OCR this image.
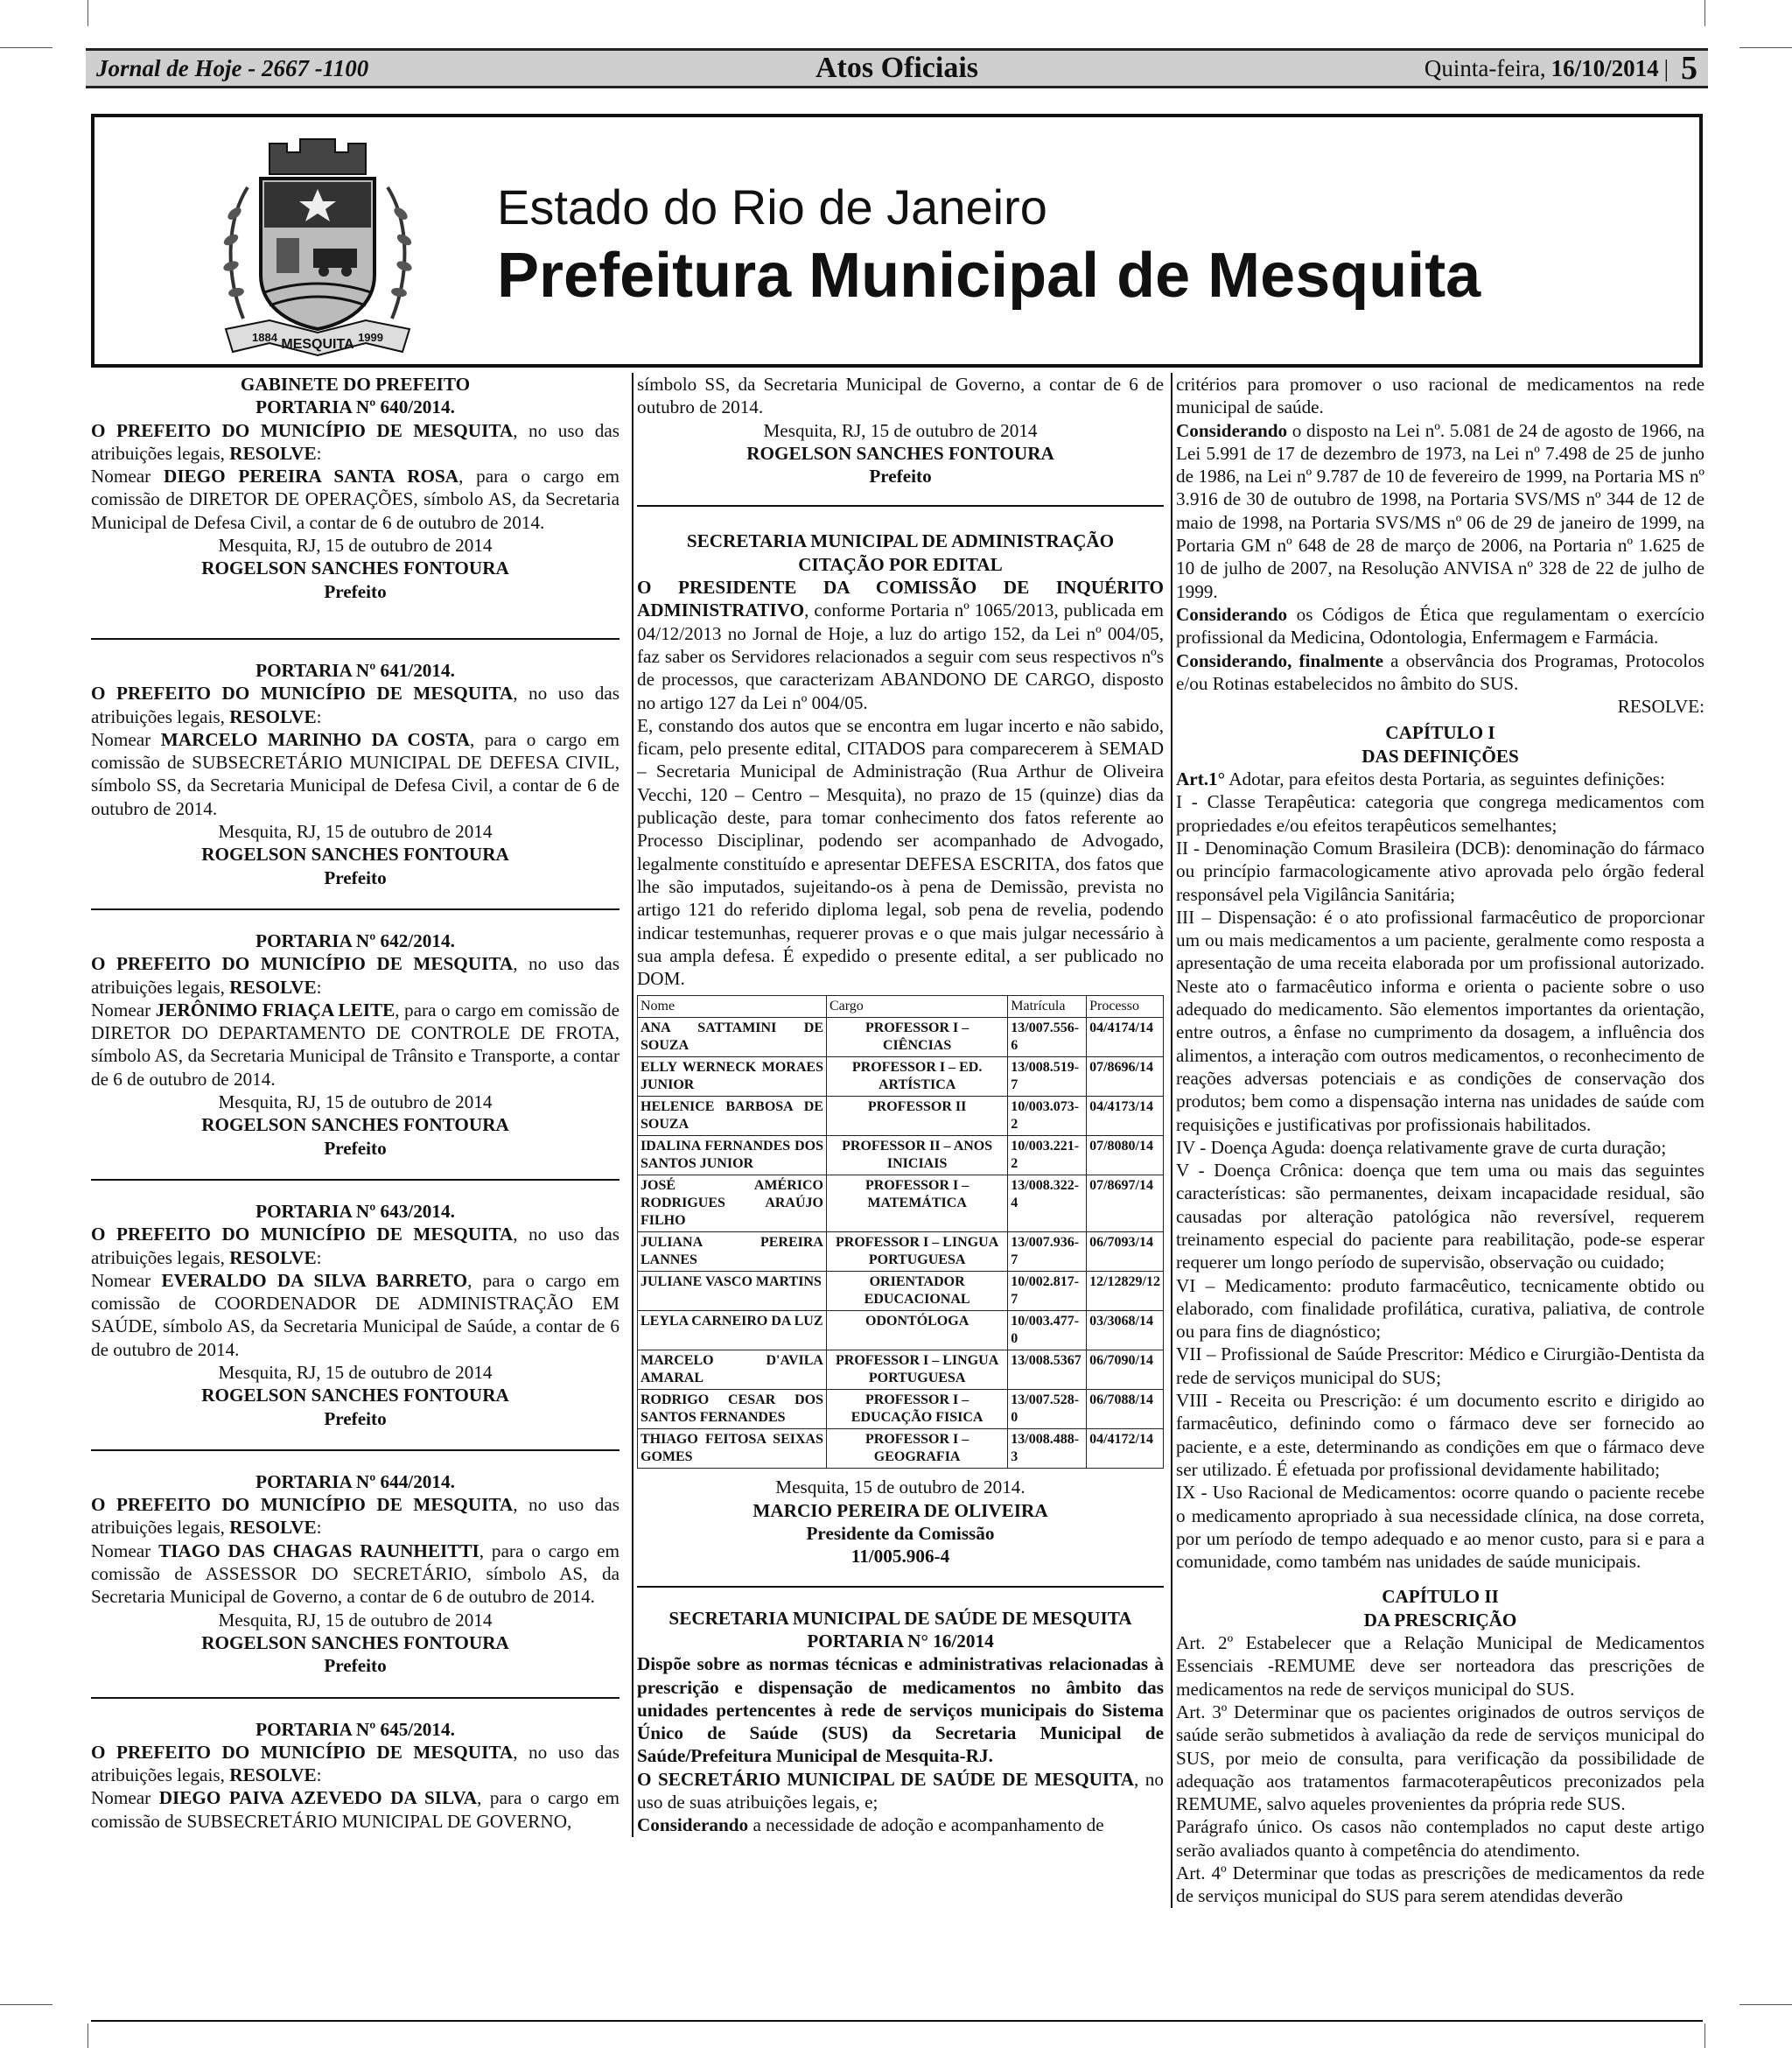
Jornal de Hoje - 2667 -1100	Atos Oficiais	Quinta-feira, 16/10/2014 | 5
1884 MESQUITA 1999
Estado do Rio de Janeiro
Prefeitura Municipal de Mesquita

GABINETE DO PREFEITO

PORTARIA Nº 640/2014.

O PREFEITO DO MUNICÍPIO DE MESQUITA, no uso das atribuições legais, RESOLVE:

Nomear DIEGO PEREIRA SANTA ROSA, para o cargo em comissão de DIRETOR DE OPERAÇÕES, símbolo AS, da Secretaria Municipal de Defesa Civil, a contar de 6 de outubro de 2014.

Mesquita, RJ, 15 de outubro de 2014

ROGELSON SANCHES FONTOURA

Prefeito

PORTARIA Nº 641/2014.

O PREFEITO DO MUNICÍPIO DE MESQUITA, no uso das atribuições legais, RESOLVE:

Nomear MARCELO MARINHO DA COSTA, para o cargo em comissão de SUBSECRETÁRIO MUNICIPAL DE DEFESA CIVIL, símbolo SS, da Secretaria Municipal de Defesa Civil, a contar de 6 de outubro de 2014.

Mesquita, RJ, 15 de outubro de 2014

ROGELSON SANCHES FONTOURA

Prefeito

PORTARIA Nº 642/2014.

O PREFEITO DO MUNICÍPIO DE MESQUITA, no uso das atribuições legais, RESOLVE:

Nomear JERÔNIMO FRIAÇA LEITE, para o cargo em comissão de DIRETOR DO DEPARTAMENTO DE CONTROLE DE FROTA, símbolo AS, da Secretaria Municipal de Trânsito e Transporte, a contar de 6 de outubro de 2014.

Mesquita, RJ, 15 de outubro de 2014

ROGELSON SANCHES FONTOURA

Prefeito

PORTARIA Nº 643/2014.

O PREFEITO DO MUNICÍPIO DE MESQUITA, no uso das atribuições legais, RESOLVE:

Nomear EVERALDO DA SILVA BARRETO, para o cargo em comissão de COORDENADOR DE ADMINISTRAÇÃO EM SAÚDE, símbolo AS, da Secretaria Municipal de Saúde, a contar de 6 de outubro de 2014.

Mesquita, RJ, 15 de outubro de 2014

ROGELSON SANCHES FONTOURA

Prefeito

PORTARIA Nº 644/2014.

O PREFEITO DO MUNICÍPIO DE MESQUITA, no uso das atribuições legais, RESOLVE:

Nomear TIAGO DAS CHAGAS RAUNHEITTI, para o cargo em comissão de ASSESSOR DO SECRETÁRIO, símbolo AS, da Secretaria Municipal de Governo, a contar de 6 de outubro de 2014.

Mesquita, RJ, 15 de outubro de 2014

ROGELSON SANCHES FONTOURA

Prefeito

PORTARIA Nº 645/2014.

O PREFEITO DO MUNICÍPIO DE MESQUITA, no uso das atribuições legais, RESOLVE:

Nomear DIEGO PAIVA AZEVEDO DA SILVA, para o cargo em comissão de SUBSECRETÁRIO MUNICIPAL DE GOVERNO,

símbolo SS, da Secretaria Municipal de Governo, a contar de 6 de outubro de 2014.

Mesquita, RJ, 15 de outubro de 2014

ROGELSON SANCHES FONTOURA

Prefeito

SECRETARIA MUNICIPAL DE ADMINISTRAÇÃO

CITAÇÃO POR EDITAL

O PRESIDENTE DA COMISSÃO DE INQUÉRITO ADMINISTRATIVO, conforme Portaria nº 1065/2013, publicada em 04/12/2013 no Jornal de Hoje, a luz do artigo 152, da Lei nº 004/05, faz saber os Servidores relacionados a seguir com seus respectivos nºs de processos, que caracterizam ABANDONO DE CARGO, disposto no artigo 127 da Lei nº 004/05.

E, constando dos autos que se encontra em lugar incerto e não sabido, ficam, pelo presente edital, CITADOS para comparecerem à SEMAD – Secretaria Municipal de Administração (Rua Arthur de Oliveira Vecchi, 120 – Centro – Mesquita), no prazo de 15 (quinze) dias da publicação deste, para tomar conhecimento dos fatos referente ao Processo Disciplinar, podendo ser acompanhado de Advogado, legalmente constituído e apresentar DEFESA ESCRITA, dos fatos que lhe são imputados, sujeitando-os à pena de Demissão, prevista no artigo 121 do referido diploma legal, sob pena de revelia, podendo indicar testemunhas, requerer provas e o que mais julgar necessário à sua ampla defesa. É expedido o presente edital, a ser publicado no DOM.

Nome	Cargo	Matrícula	Processo
ANA SATTAMINI DE SOUZA	PROFESSOR I – CIÊNCIAS	13/007.556-6	04/4174/14
ELLY WERNECK MORAES JUNIOR	PROFESSOR I – ED. ARTÍSTICA	13/008.519-7	07/8696/14
HELENICE BARBOSA DE SOUZA	PROFESSOR II	10/003.073-2	04/4173/14
IDALINA FERNANDES DOS SANTOS JUNIOR	PROFESSOR II – ANOS INICIAIS	10/003.221-2	07/8080/14
JOSÉ AMÉRICO RODRIGUES ARAÚJO FILHO	PROFESSOR I – MATEMÁTICA	13/008.322-4	07/8697/14
JULIANA PEREIRA LANNES	PROFESSOR I – LINGUA PORTUGUESA	13/007.936-7	06/7093/14
JULIANE VASCO MARTINS	ORIENTADOR EDUCACIONAL	10/002.817-7	12/12829/12
LEYLA CARNEIRO DA LUZ	ODONTÓLOGA	10/003.477-0	03/3068/14
MARCELO D'AVILA AMARAL	PROFESSOR I – LINGUA PORTUGUESA	13/008.5367	06/7090/14
RODRIGO CESAR DOS SANTOS FERNANDES	PROFESSOR I – EDUCAÇÃO FISICA	13/007.528-0	06/7088/14
THIAGO FEITOSA SEIXAS GOMES	PROFESSOR I – GEOGRAFIA	13/008.488-3	04/4172/14

Mesquita, 15 de outubro de 2014.

MARCIO PEREIRA DE OLIVEIRA

Presidente da Comissão

11/005.906-4

SECRETARIA MUNICIPAL DE SAÚDE DE MESQUITA

PORTARIA N° 16/2014

Dispõe sobre as normas técnicas e administrativas relacionadas à prescrição e dispensação de medicamentos no âmbito das unidades pertencentes à rede de serviços municipais do Sistema Único de Saúde (SUS) da Secretaria Municipal de Saúde/Prefeitura Municipal de Mesquita-RJ.

O SECRETÁRIO MUNICIPAL DE SAÚDE DE MESQUITA, no uso de suas atribuições legais, e;

Considerando a necessidade de adoção e acompanhamento de

critérios para promover o uso racional de medicamentos na rede municipal de saúde.

Considerando o disposto na Lei nº. 5.081 de 24 de agosto de 1966, na Lei 5.991 de 17 de dezembro de 1973, na Lei nº 7.498 de 25 de junho de 1986, na Lei nº 9.787 de 10 de fevereiro de 1999, na Portaria MS nº 3.916 de 30 de outubro de 1998, na Portaria SVS/MS nº 344 de 12 de maio de 1998, na Portaria SVS/MS nº 06 de 29 de janeiro de 1999, na Portaria GM nº 648 de 28 de março de 2006, na Portaria nº 1.625 de 10 de julho de 2007, na Resolução ANVISA nº 328 de 22 de julho de 1999.

Considerando os Códigos de Ética que regulamentam o exercício profissional da Medicina, Odontologia, Enfermagem e Farmácia.

Considerando, finalmente a observância dos Programas, Protocolos e/ou Rotinas estabelecidos no âmbito do SUS.

RESOLVE:

CAPÍTULO I

DAS DEFINIÇÕES

Art.1° Adotar, para efeitos desta Portaria, as seguintes definições:

I - Classe Terapêutica: categoria que congrega medicamentos com propriedades e/ou efeitos terapêuticos semelhantes;

II - Denominação Comum Brasileira (DCB): denominação do fármaco ou princípio farmacologicamente ativo aprovada pelo órgão federal responsável pela Vigilância Sanitária;

III – Dispensação: é o ato profissional farmacêutico de proporcionar um ou mais medicamentos a um paciente, geralmente como resposta a apresentação de uma receita elaborada por um profissional autorizado. Neste ato o farmacêutico informa e orienta o paciente sobre o uso adequado do medicamento. São elementos importantes da orientação, entre outros, a ênfase no cumprimento da dosagem, a influência dos alimentos, a interação com outros medicamentos, o reconhecimento de reações adversas potenciais e as condições de conservação dos produtos; bem como a dispensação interna nas unidades de saúde com requisições e justificativas por profissionais habilitados.

IV - Doença Aguda: doença relativamente grave de curta duração;

V - Doença Crônica: doença que tem uma ou mais das seguintes características: são permanentes, deixam incapacidade residual, são causadas por alteração patológica não reversível, requerem treinamento especial do paciente para reabilitação, pode-se esperar requerer um longo período de supervisão, observação ou cuidado;

VI – Medicamento: produto farmacêutico, tecnicamente obtido ou elaborado, com finalidade profilática, curativa, paliativa, de controle ou para fins de diagnóstico;

VII – Profissional de Saúde Prescritor: Médico e Cirurgião-Dentista da rede de serviços municipal do SUS;

VIII - Receita ou Prescrição: é um documento escrito e dirigido ao farmacêutico, definindo como o fármaco deve ser fornecido ao paciente, e a este, determinando as condições em que o fármaco deve ser utilizado. É efetuada por profissional devidamente habilitado;

IX - Uso Racional de Medicamentos: ocorre quando o paciente recebe o medicamento apropriado à sua necessidade clínica, na dose correta, por um período de tempo adequado e ao menor custo, para si e para a comunidade, como também nas unidades de saúde municipais.

CAPÍTULO II

DA PRESCRIÇÃO

Art. 2º Estabelecer que a Relação Municipal de Medicamentos Essenciais -REMUME deve ser norteadora das prescrições de medicamentos na rede de serviços municipal do SUS.

Art. 3º Determinar que os pacientes originados de outros serviços de saúde serão submetidos à avaliação da rede de serviços municipal do SUS, por meio de consulta, para verificação da possibilidade de adequação aos tratamentos farmacoterapêuticos preconizados pela REMUME, salvo aqueles provenientes da própria rede SUS.

Parágrafo único. Os casos não contemplados no caput deste artigo serão avaliados quanto à competência do atendimento.

Art. 4º Determinar que todas as prescrições de medicamentos da rede de serviços municipal do SUS para serem atendidas deverão
